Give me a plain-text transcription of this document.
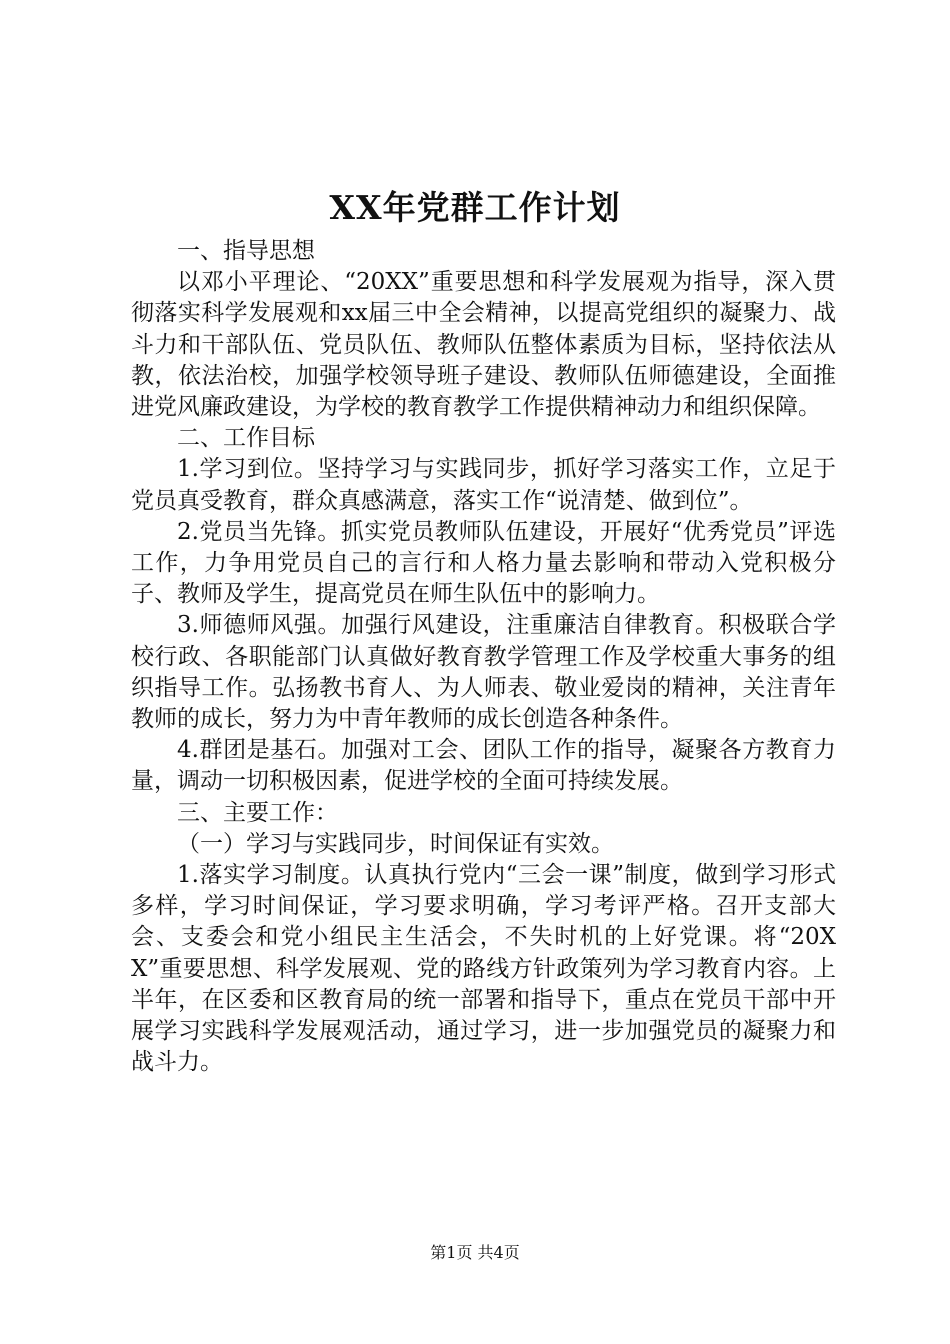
XX年党群工作计划

一、指导思想

以邓小平理论、“20XX”重要思想和科学发展观为指导，深入贯彻落实科学发展观和xx届三中全会精神，以提高党组织的凝聚力、战斗力和干部队伍、党员队伍、教师队伍整体素质为目标，坚持依法从教，依法治校，加强学校领导班子建设、教师队伍师德建设，全面推进党风廉政建设，为学校的教育教学工作提供精神动力和组织保障。

二、工作目标

1.学习到位。坚持学习与实践同步，抓好学习落实工作，立足于党员真受教育，群众真感满意，落实工作“说清楚、做到位”。

2.党员当先锋。抓实党员教师队伍建设，开展好“优秀党员”评选工作，力争用党员自己的言行和人格力量去影响和带动入党积极分子、教师及学生，提高党员在师生队伍中的影响力。

3.师德师风强。加强行风建设，注重廉洁自律教育。积极联合学校行政、各职能部门认真做好教育教学管理工作及学校重大事务的组织指导工作。弘扬教书育人、为人师表、敬业爱岗的精神，关注青年教师的成长，努力为中青年教师的成长创造各种条件。

4.群团是基石。加强对工会、团队工作的指导，凝聚各方教育力量，调动一切积极因素，促进学校的全面可持续发展。

三、主要工作：

（一）学习与实践同步，时间保证有实效。

1.落实学习制度。认真执行党内“三会一课”制度，做到学习形式多样，学习时间保证，学习要求明确，学习考评严格。召开支部大会、支委会和党小组民主生活会，不失时机的上好党课。将“20XX”重要思想、科学发展观、党的路线方针政策列为学习教育内容。上半年，在区委和区教育局的统一部署和指导下，重点在党员干部中开展学习实践科学发展观活动，通过学习，进一步加强党员的凝聚力和战斗力。

第1页 共4页
